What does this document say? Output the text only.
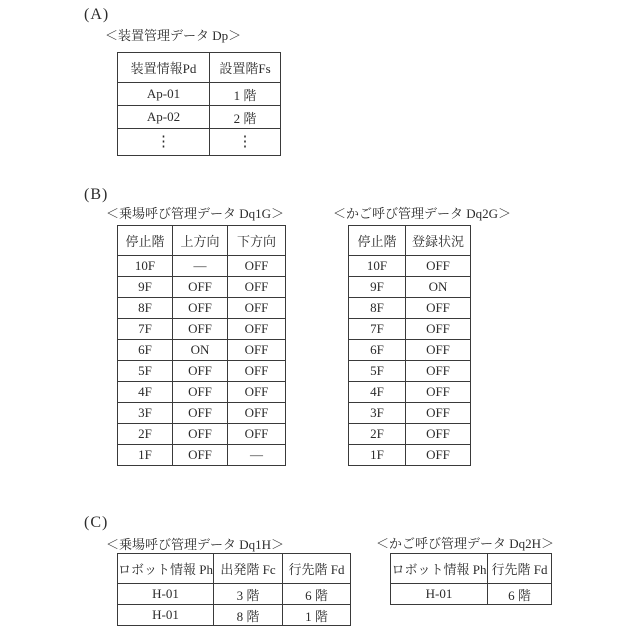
(A)
＜装置管理データ Dp＞
装置情報Pd	設置階Fs
Ap-01	1 階
Ap-02	2 階
⋮	⋮
(B)
＜乗場呼び管理データ Dq1G＞
停止階	上方向	下方向
10F	—	OFF
9F	OFF	OFF
8F	OFF	OFF
7F	OFF	OFF
6F	ON	OFF
5F	OFF	OFF
4F	OFF	OFF
3F	OFF	OFF
2F	OFF	OFF
1F	OFF	—
＜かご呼び管理データ Dq2G＞
停止階	登録状況
10F	OFF
9F	ON
8F	OFF
7F	OFF
6F	OFF
5F	OFF
4F	OFF
3F	OFF
2F	OFF
1F	OFF
(C)
＜乗場呼び管理データ Dq1H＞
ロボット情報 Ph	出発階 Fc	行先階 Fd
H-01	3 階	6 階
H-01	8 階	1 階
＜かご呼び管理データ Dq2H＞
ロボット情報 Ph	行先階 Fd
H-01	6 階
